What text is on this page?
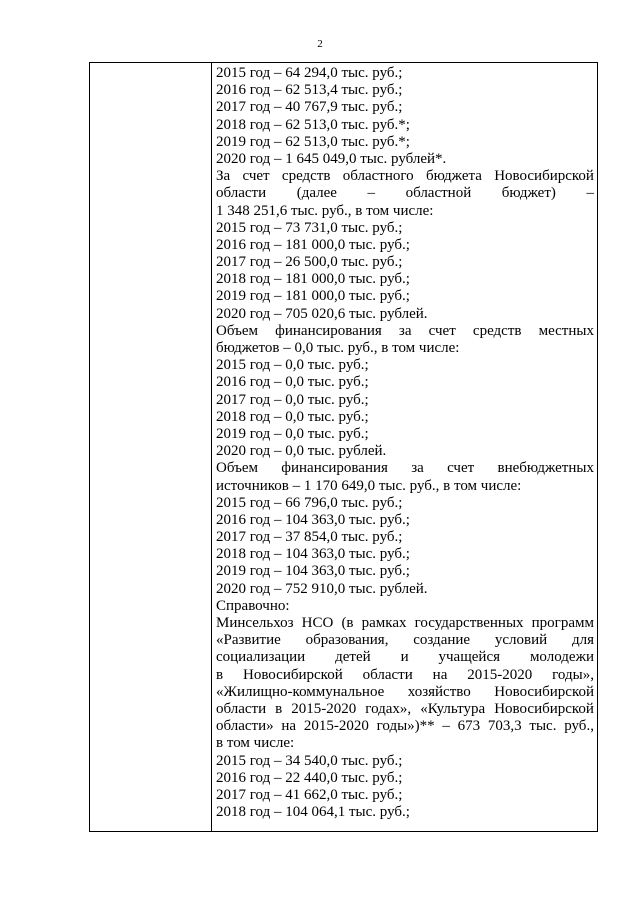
2
2015 год – 64 294,0 тыс. руб.;
2016 год – 62 513,4 тыс. руб.;
2017 год – 40 767,9 тыс. руб.;
2018 год – 62 513,0 тыс. руб.*;
2019 год – 62 513,0 тыс. руб.*;
2020 год – 1 645 049,0 тыс. рублей*.
За счет средств областного бюджета Новосибирской
области (далее – областной бюджет) –
1 348 251,6 тыс. руб., в том числе:
2015 год – 73 731,0 тыс. руб.;
2016 год – 181 000,0 тыс. руб.;
2017 год – 26 500,0 тыс. руб.;
2018 год – 181 000,0 тыс. руб.;
2019 год – 181 000,0 тыс. руб.;
2020 год – 705 020,6 тыс. рублей.
Объем финансирования за счет средств местных
бюджетов – 0,0 тыс. руб., в том числе:
2015 год – 0,0 тыс. руб.;
2016 год – 0,0 тыс. руб.;
2017 год – 0,0 тыс. руб.;
2018 год – 0,0 тыс. руб.;
2019 год – 0,0 тыс. руб.;
2020 год – 0,0 тыс. рублей.
Объем финансирования за счет внебюджетных
источников – 1 170 649,0 тыс. руб., в том числе:
2015 год – 66 796,0 тыс. руб.;
2016 год – 104 363,0 тыс. руб.;
2017 год – 37 854,0 тыс. руб.;
2018 год – 104 363,0 тыс. руб.;
2019 год – 104 363,0 тыс. руб.;
2020 год – 752 910,0 тыс. рублей.
Справочно:
Минсельхоз НСО (в рамках государственных программ
«Развитие образования, создание условий для
социализации детей и учащейся молодежи
в Новосибирской области на 2015-2020 годы»,
«Жилищно-коммунальное хозяйство Новосибирской
области в 2015-2020 годах», «Культура Новосибирской
области» на 2015-2020 годы»)** – 673 703,3 тыс. руб.,
в том числе:
2015 год – 34 540,0 тыс. руб.;
2016 год – 22 440,0 тыс. руб.;
2017 год – 41 662,0 тыс. руб.;
2018 год – 104 064,1 тыс. руб.;
